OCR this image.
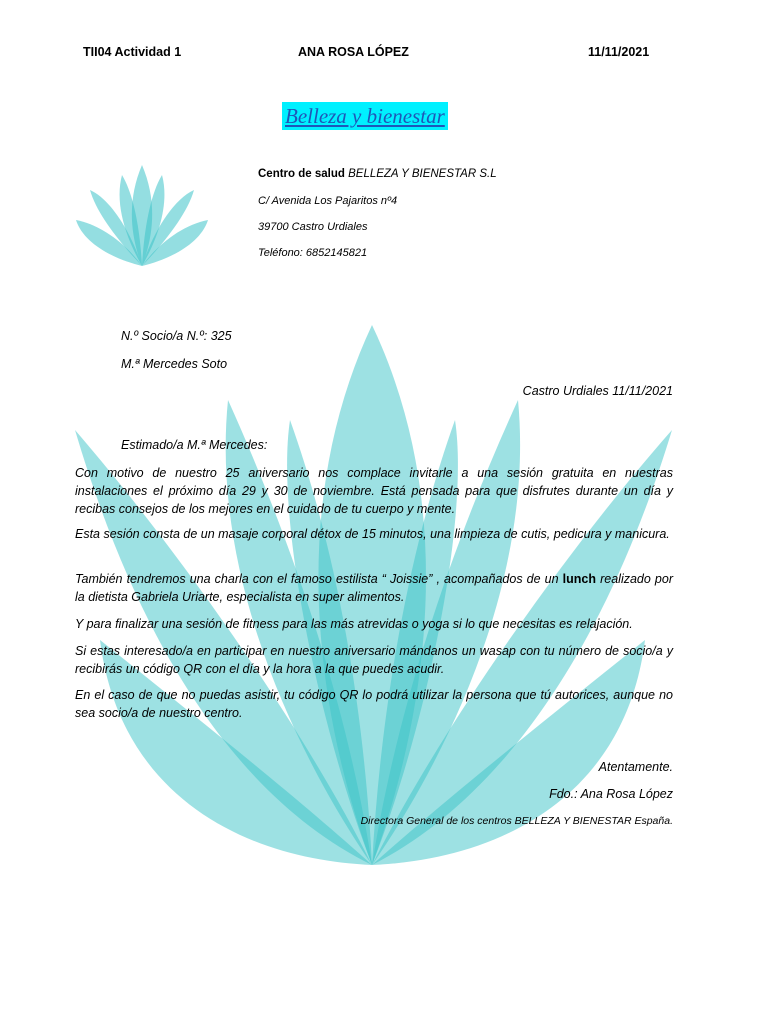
TII04 Actividad 1	ANA ROSA LÓPEZ	11/11/2021
Belleza y bienestar
Centro de salud BELLEZA Y BIENESTAR S.L
C/ Avenida Los Pajaritos nº4
39700 Castro Urdiales
Teléfono: 6852145821
N.º Socio/a N.º: 325
M.ª Mercedes Soto
Castro Urdiales 11/11/2021
Estimado/a M.ª Mercedes:
Con motivo de nuestro 25 aniversario nos complace invitarle a una sesión gratuita en nuestras instalaciones el próximo día 29 y 30 de noviembre. Está pensada para que disfrutes durante un día y recibas consejos de los mejores en el cuidado de tu cuerpo y mente.
Esta sesión consta de un masaje corporal détox de 15 minutos, una limpieza de cutis, pedicura y manicura.
También tendremos una charla con el famoso estilista “ Joissie” , acompañados de un lunch realizado por la dietista Gabriela Uriarte, especialista en super alimentos.
Y para finalizar una sesión de fitness para las más atrevidas o yoga si lo que necesitas es relajación.
Si estas interesado/a en participar en nuestro aniversario mándanos un wasap con tu número de socio/a y recibirás un código QR con el día y la hora a la que puedes acudir.
En el caso de que no puedas asistir, tu código QR lo podrá utilizar la persona que tú autorices, aunque no sea socio/a de nuestro centro.
Atentamente.
Fdo.: Ana Rosa López
Directora General de los centros BELLEZA Y BIENESTAR España.
